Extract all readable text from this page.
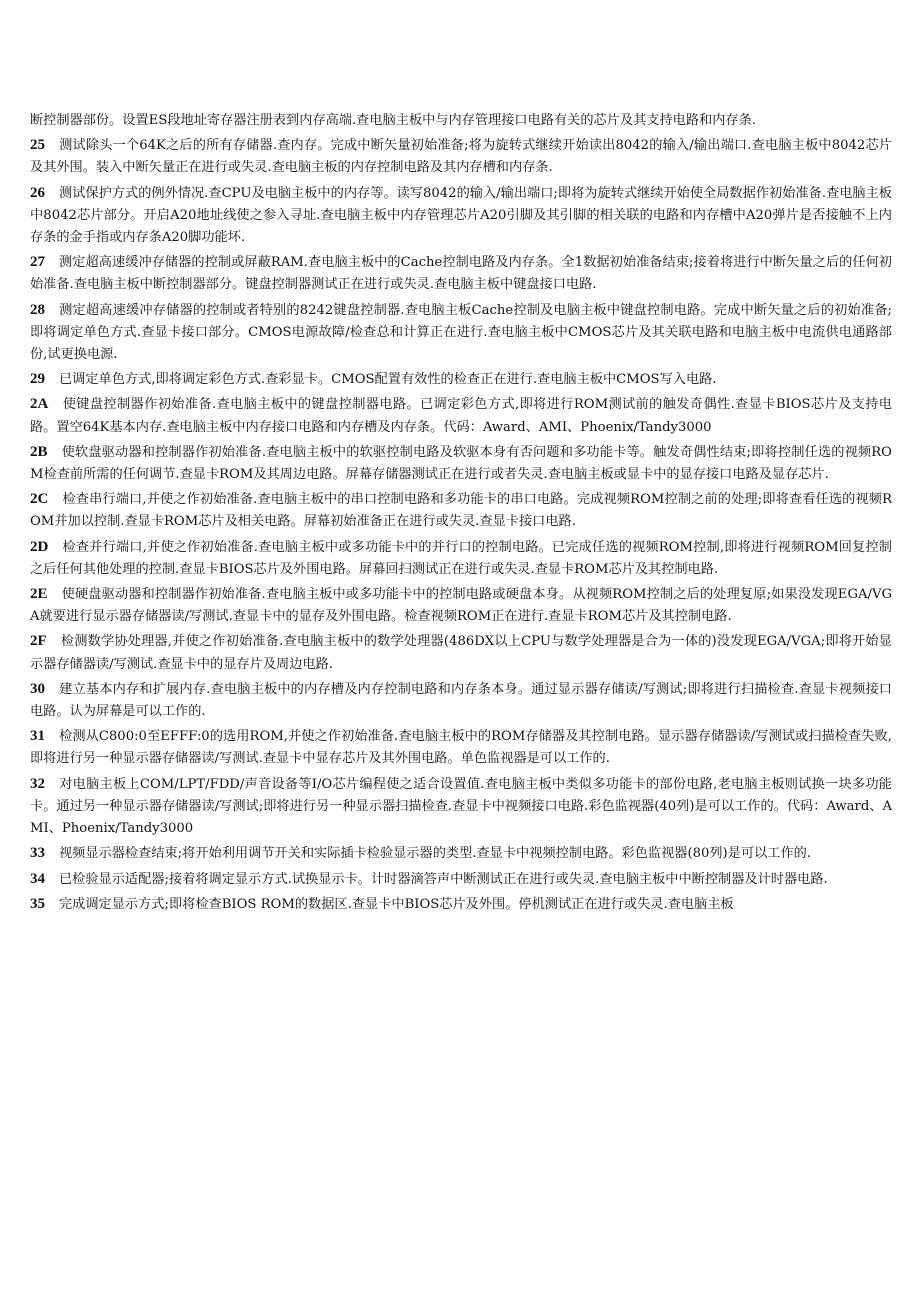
断控制器部份。设置ES段地址寄存器注册表到内存高端.查电脑主板中与内存管理接口电路有关的芯片及其支持电路和内存条.

25 测试除头一个64K之后的所有存储器.查内存。完成中断矢量初始准备;将为旋转式继续开始读出8042的输入/输出端口.查电脑主板中8042芯片及其外围。装入中断矢量正在进行或失灵.查电脑主板的内存控制电路及其内存槽和内存条.

26 测试保护方式的例外情况.查CPU及电脑主板中的内存等。读写8042的输入/输出端口;即将为旋转式继续开始使全局数据作初始准备.查电脑主板中8042芯片部分。开启A20地址线使之参入寻址.查电脑主板中内存管理芯片A20引脚及其引脚的相关联的电路和内存槽中A20弹片是否接触不上内存条的金手指或内存条A20脚功能坏.

27 测定超高速缓冲存储器的控制或屏蔽RAM.查电脑主板中的Cache控制电路及内存条。全1数据初始准备结束;接着将进行中断矢量之后的任何初始准备.查电脑主板中断控制器部分。键盘控制器测试正在进行或失灵.查电脑主板中键盘接口电路.

28 测定超高速缓冲存储器的控制或者特别的8242键盘控制器.查电脑主板Cache控制及电脑主板中键盘控制电路。完成中断矢量之后的初始准备;即将调定单色方式.查显卡接口部分。CMOS电源故障/检查总和计算正在进行.查电脑主板中CMOS芯片及其关联电路和电脑主板中电流供电通路部份,试更换电源.

29 已调定单色方式,即将调定彩色方式.查彩显卡。CMOS配置有效性的检查正在进行.查电脑主板中CMOS写入电路.

2A 使键盘控制器作初始准备.查电脑主板中的键盘控制器电路。已调定彩色方式,即将进行ROM测试前的触发奇偶性.查显卡BIOS芯片及支持电路。置空64K基本内存.查电脑主板中内存接口电路和内存槽及内存条。代码：Award、AMI、Phoenix/Tandy3000

2B 使软盘驱动器和控制器作初始准备.查电脑主板中的软驱控制电路及软驱本身有否问题和多功能卡等。触发奇偶性结束;即将控制任选的视频ROM检查前所需的任何调节.查显卡ROM及其周边电路。屏幕存储器测试正在进行或者失灵.查电脑主板或显卡中的显存接口电路及显存芯片.

2C 检查串行端口,并使之作初始准备.查电脑主板中的串口控制电路和多功能卡的串口电路。完成视频ROM控制之前的处理;即将查看任选的视频ROM并加以控制.查显卡ROM芯片及相关电路。屏幕初始准备正在进行或失灵.查显卡接口电路.

2D 检查并行端口,并使之作初始准备.查电脑主板中或多功能卡中的并行口的控制电路。已完成任选的视频ROM控制,即将进行视频ROM回复控制之后任何其他处理的控制.查显卡BIOS芯片及外围电路。屏幕回扫测试正在进行或失灵.查显卡ROM芯片及其控制电路.

2E 使硬盘驱动器和控制器作初始准备.查电脑主板中或多功能卡中的控制电路或硬盘本身。从视频ROM控制之后的处理复原;如果没发现EGA/VGA就要进行显示器存储器读/写测试.查显卡中的显存及外围电路。检查视频ROM正在进行.查显卡ROM芯片及其控制电路.

2F 检测数学协处理器,并使之作初始准备.查电脑主板中的数学处理器(486DX以上CPU与数学处理器是合为一体的)没发现EGA/VGA;即将开始显示器存储器读/写测试.查显卡中的显存片及周边电路.

30 建立基本内存和扩展内存.查电脑主板中的内存槽及内存控制电路和内存条本身。通过显示器存储读/写测试;即将进行扫描检查.查显卡视频接口电路。认为屏幕是可以工作的.

31 检测从C800:0至EFFF:0的选用ROM,并使之作初始准备.查电脑主板中的ROM存储器及其控制电路。显示器存储器读/写测试或扫描检查失败,即将进行另一种显示器存储器读/写测试.查显卡中显存芯片及其外围电路。单色监视器是可以工作的.

32 对电脑主板上COM/LPT/FDD/声音设备等I/O芯片编程使之适合设置值.查电脑主板中类似多功能卡的部份电路,老电脑主板则试换一块多功能卡。通过另一种显示器存储器读/写测试;即将进行另一种显示器扫描检查.查显卡中视频接口电路.彩色监视器(40列)是可以工作的。代码：Award、AMI、Phoenix/Tandy3000

33 视频显示器检查结束;将开始利用调节开关和实际插卡检验显示器的类型.查显卡中视频控制电路。彩色监视器(80列)是可以工作的.

34 已检验显示适配器;接着将调定显示方式.试换显示卡。计时器滴答声中断测试正在进行或失灵.查电脑主板中中断控制器及计时器电路.

35 完成调定显示方式;即将检查BIOS ROM的数据区.查显卡中BIOS芯片及外围。停机测试正在进行或失灵.查电脑主板
